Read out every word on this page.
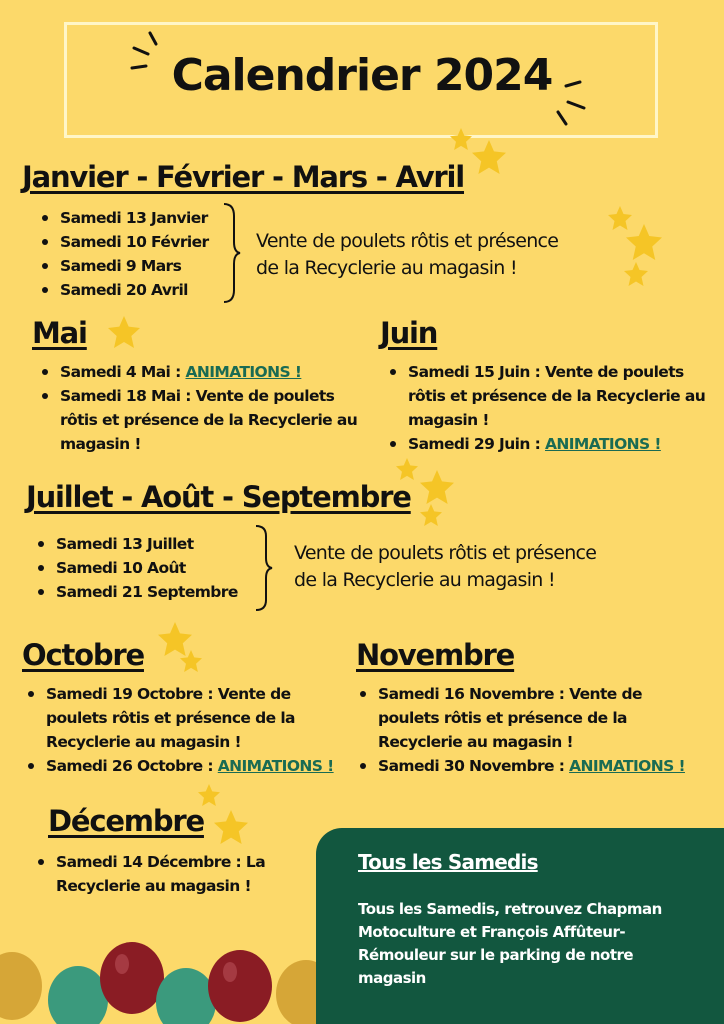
Calendrier 2024
Janvier - Février - Mars - Avril
Samedi 13 Janvier
Samedi 10 Février
Samedi 9 Mars
Samedi 20 Avril
Vente de poulets rôtis et présence
de la Recyclerie au magasin !
Mai
Samedi 4 Mai : ANIMATIONS !
Samedi 18 Mai : Vente de poulets
rôtis et présence de la Recyclerie au
magasin !
Juin
Samedi 15 Juin : Vente de poulets
rôtis et présence de la Recyclerie au
magasin !
Samedi 29 Juin : ANIMATIONS !
Juillet - Août - Septembre
Samedi 13 Juillet
Samedi 10 Août
Samedi 21 Septembre
Vente de poulets rôtis et présence
de la Recyclerie au magasin !
Octobre
Samedi 19 Octobre : Vente de
poulets rôtis et présence de la
Recyclerie au magasin !
Samedi 26 Octobre : ANIMATIONS !
Novembre
Samedi 16 Novembre : Vente de
poulets rôtis et présence de la
Recyclerie au magasin !
Samedi 30 Novembre : ANIMATIONS !
Décembre
Samedi 14 Décembre : La
Recyclerie au magasin !
Tous les Samedis
Tous les Samedis, retrouvez Chapman Motoculture et François Affûteur-Rémouleur sur le parking de notre magasin
